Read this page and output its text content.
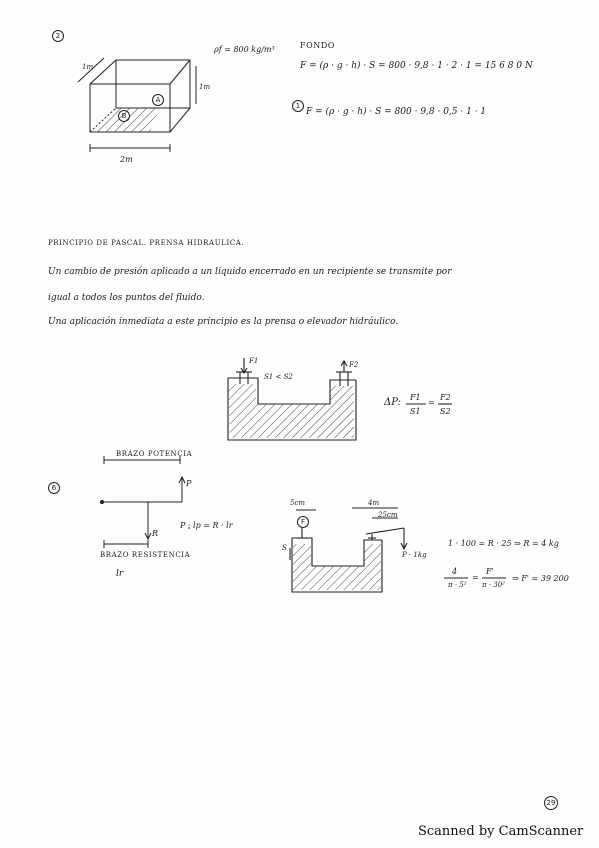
2
ρf = 800 kg/m³
1m
1m
2m
B
A
FONDO
F = (ρ · g · h) · S = 800 · 9,8 · 1 · 2 · 1 = 15 6 8 0 N
1
F = (ρ · g · h) · S = 800 · 9,8 · 0,5 · 1 · 1
PRINCIPIO DE PASCAL. PRENSA HIDRAULICA.
Un cambio de presión aplicado a un líquido encerrado en un recipiente se transmite por
igual a todos los puntos del fluido.
Una aplicación inmediata a este principio es la prensa o elevador hidráulico.
F1	F2
S1 < S2
ΔP: F1
S1
=
F2
S2
6
BRAZO POTENCIA
P
R
BRAZO RESISTENCIA
lr
P · lp = R · lr
5cm
F
S
4m
25cm
P · 1kg
1 · 100 = R · 25 ⇒ R = 4 kg
4
π · 5²
=
F'
π · 30²
⇒ F' = 39 200
29
Scanned by CamScanner
